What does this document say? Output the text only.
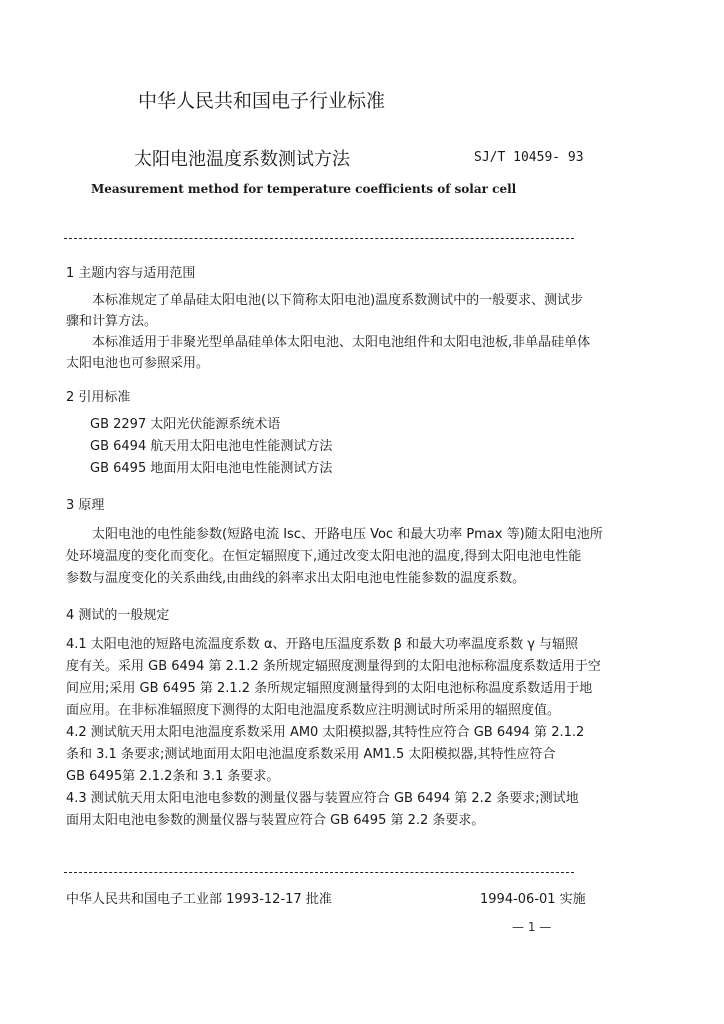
中华人民共和国电子行业标准
太阳电池温度系数测试方法	SJ/T 10459- 93
Measurement method for temperature coefficients of solar cell
1 主题内容与适用范围
本标准规定了单晶硅太阳电池(以下简称太阳电池)温度系数测试中的一般要求、测试步
骤和计算方法。
本标准适用于非聚光型单晶硅单体太阳电池、太阳电池组件和太阳电池板,非单晶硅单体
太阳电池也可参照采用。
2 引用标准
GB 2297 太阳光伏能源系统术语
GB 6494 航天用太阳电池电性能测试方法
GB 6495 地面用太阳电池电性能测试方法
3 原理
太阳电池的电性能参数(短路电流 Isc、开路电压 Voc 和最大功率 Pmax 等)随太阳电池所
处环境温度的变化而变化。在恒定辐照度下,通过改变太阳电池的温度,得到太阳电池电性能
参数与温度变化的关系曲线,由曲线的斜率求出太阳电池电性能参数的温度系数。
4 测试的一般规定
4.1 太阳电池的短路电流温度系数 α、开路电压温度系数 β 和最大功率温度系数 γ 与辐照
度有关。采用 GB 6494 第 2.1.2 条所规定辐照度测量得到的太阳电池标称温度系数适用于空
间应用;采用 GB 6495 第 2.1.2 条所规定辐照度测量得到的太阳电池标称温度系数适用于地
面应用。在非标准辐照度下测得的太阳电池温度系数应注明测试时所采用的辐照度值。
4.2 测试航天用太阳电池温度系数采用 AM0 太阳模拟器,其特性应符合 GB 6494 第 2.1.2
条和 3.1 条要求;测试地面用太阳电池温度系数采用 AM1.5 太阳模拟器,其特性应符合
GB 6495第 2.1.2条和 3.1 条要求。
4.3 测试航天用太阳电池电参数的测量仪器与装置应符合 GB 6494 第 2.2 条要求;测试地
面用太阳电池电参数的测量仪器与装置应符合 GB 6495 第 2.2 条要求。
中华人民共和国电子工业部 1993-12-17 批准	1994-06-01 实施
— 1 —
